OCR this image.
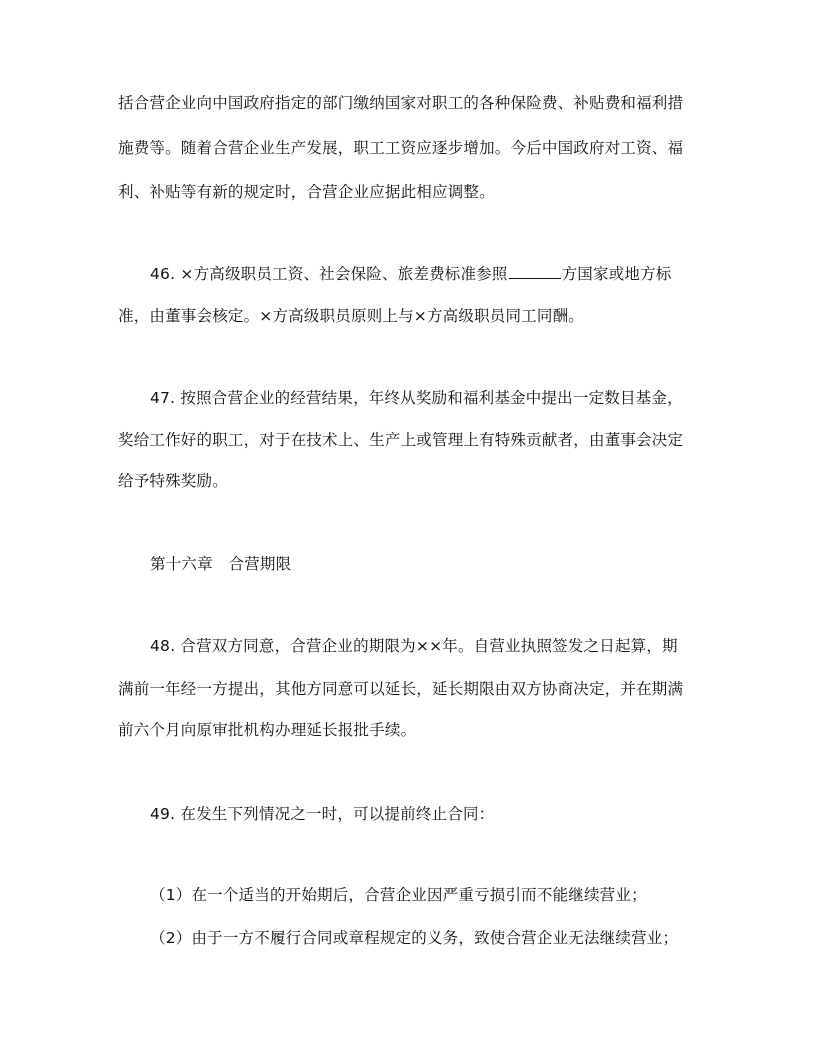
括合营企业向中国政府指定的部门缴纳国家对职工的各种保险费、补贴费和福利措
施费等。随着合营企业生产发展，职工工资应逐步增加。今后中国政府对工资、福
利、补贴等有新的规定时，合营企业应据此相应调整。
46. ×方高级职员工资、社会保险、旅差费标准参照	方国家或地方标
准，由董事会核定。×方高级职员原则上与×方高级职员同工同酬。
47. 按照合营企业的经营结果，年终从奖励和福利基金中提出一定数目基金，
奖给工作好的职工，对于在技术上、生产上或管理上有特殊贡献者，由董事会决定
给予特殊奖励。
第十六章　合营期限
48. 合营双方同意，合营企业的期限为××年。自营业执照签发之日起算，期
满前一年经一方提出，其他方同意可以延长，延长期限由双方协商决定，并在期满
前六个月向原审批机构办理延长报批手续。
49. 在发生下列情况之一时，可以提前终止合同：
（1）在一个适当的开始期后，合营企业因严重亏损引而不能继续营业；
（2）由于一方不履行合同或章程规定的义务，致使合营企业无法继续营业；
